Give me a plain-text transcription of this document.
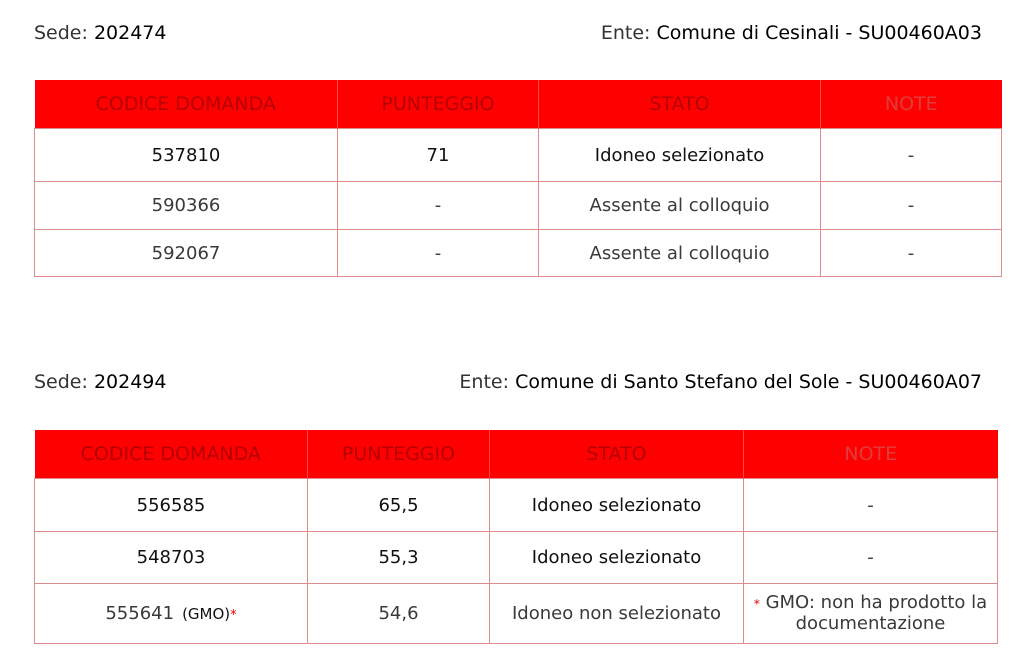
Sede: 202474	Ente: Comune di Cesinali - SU00460A03
CODICE DOMANDA	PUNTEGGIO	STATO	NOTE
537810	71	Idoneo selezionato	-
590366	-	Assente al colloquio	-
592067	-	Assente al colloquio	-
Sede: 202494	Ente: Comune di Santo Stefano del Sole - SU00460A07
CODICE DOMANDA	PUNTEGGIO	STATO	NOTE
556585	65,5	Idoneo selezionato	-
548703	55,3	Idoneo selezionato	-
555641 (GMO)*	54,6	Idoneo non selezionato	* GMO: non ha prodotto la
documentazione
